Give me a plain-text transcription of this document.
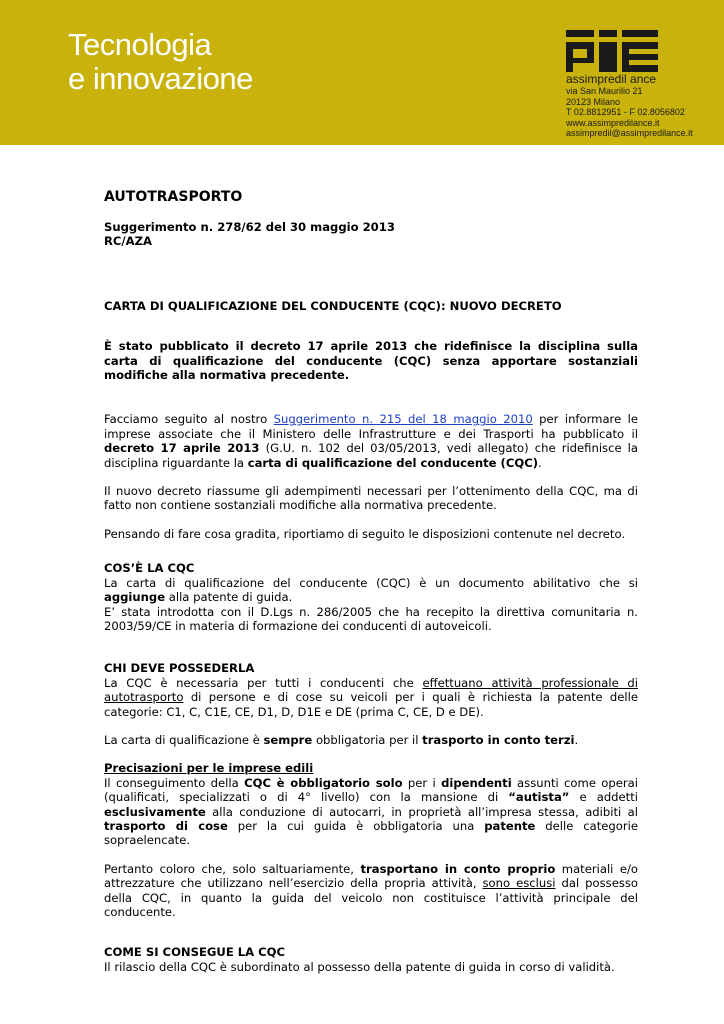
Tecnologia
e innovazione	assimpredil ance
via San Maurilio 21
20123 Milano
T 02.8812951 - F 02.8056802
www.assimpredilance.it
assimpredil@assimpredilance.it
AUTOTRASPORTO
Suggerimento n. 278/62 del 30 maggio 2013
RC/AZA
CARTA DI QUALIFICAZIONE DEL CONDUCENTE (CQC): NUOVO DECRETO

È stato pubblicato il decreto 17 aprile 2013 che ridefinisce la disciplina sulla carta di qualificazione del conducente (CQC) senza apportare sostanziali modifiche alla normativa precedente.

Facciamo seguito al nostro Suggerimento n. 215 del 18 maggio 2010 per informare le imprese associate che il Ministero delle Infrastrutture e dei Trasporti ha pubblicato il decreto 17 aprile 2013 (G.U. n. 102 del 03/05/2013, vedi allegato) che ridefinisce la disciplina riguardante la carta di qualificazione del conducente (CQC).

Il nuovo decreto riassume gli adempimenti necessari per l’ottenimento della CQC, ma di fatto non contiene sostanziali modifiche alla normativa precedente.

Pensando di fare cosa gradita, riportiamo di seguito le disposizioni contenute nel decreto.

COS’È LA CQC

La carta di qualificazione del conducente (CQC) è un documento abilitativo che si aggiunge alla patente di guida.

E’ stata introdotta con il D.Lgs n. 286/2005 che ha recepito la direttiva comunitaria n. 2003/59/CE in materia di formazione dei conducenti di autoveicoli.

CHI DEVE POSSEDERLA

La CQC è necessaria per tutti i conducenti che effettuano attività professionale di autotrasporto di persone e di cose su veicoli per i quali è richiesta la patente delle categorie: C1, C, C1E, CE, D1, D, D1E e DE (prima C, CE, D e DE).

La carta di qualificazione è sempre obbligatoria per il trasporto in conto terzi.

Precisazioni per le imprese edili

Il conseguimento della CQC è obbligatorio solo per i dipendenti assunti come operai (qualificati, specializzati o di 4° livello) con la mansione di “autista” e addetti esclusivamente alla conduzione di autocarri, in proprietà all’impresa stessa, adibiti al trasporto di cose per la cui guida è obbligatoria una patente delle categorie sopraelencate.

Pertanto coloro che, solo saltuariamente, trasportano in conto proprio materiali e/o attrezzature che utilizzano nell’esercizio della propria attività, sono esclusi dal possesso della CQC, in quanto la guida del veicolo non costituisce l’attività principale del conducente.

COME SI CONSEGUE LA CQC

Il rilascio della CQC è subordinato al possesso della patente di guida in corso di validità.
